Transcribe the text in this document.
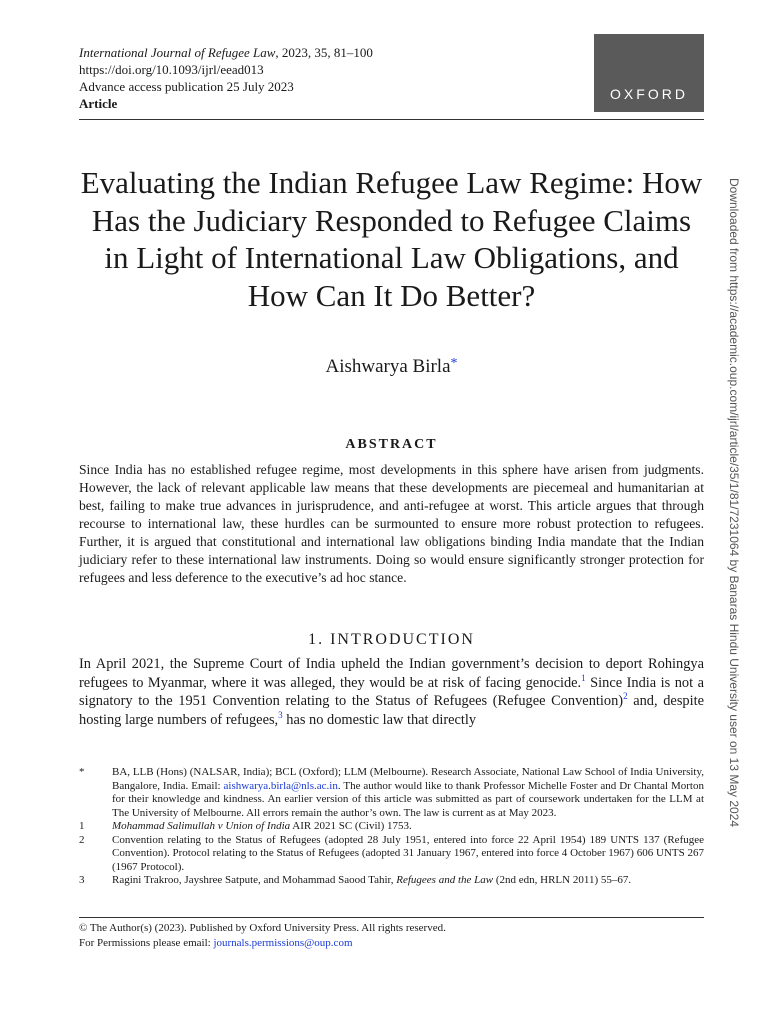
International Journal of Refugee Law, 2023, 35, 81–100
https://doi.org/10.1093/ijrl/eead013
Advance access publication 25 July 2023
Article
OXFORD
Evaluating the Indian Refugee Law Regime: How Has the Judiciary Responded to Refugee Claims in Light of International Law Obligations, and How Can It Do Better?
Aishwarya Birla*
ABSTRACT

Since India has no established refugee regime, most developments in this sphere have arisen from judgments. However, the lack of relevant applicable law means that these developments are piecemeal and humanitarian at best, failing to make true advances in jurisprudence, and anti-refugee at worst. This article argues that through recourse to international law, these hurdles can be surmounted to ensure more robust protection to refugees. Further, it is argued that constitutional and international law obligations binding India mandate that the Indian judiciary refer to these international law instruments. Doing so would ensure significantly stronger protection for refugees and less deference to the executive’s ad hoc stance.

1. INTRODUCTION

In April 2021, the Supreme Court of India upheld the Indian government’s decision to deport Rohingya refugees to Myanmar, where it was alleged, they would be at risk of facing genocide.$^1$ Since India is not a signatory to the 1951 Convention relating to the Status of Refugees (Refugee Convention)$^2$ and, despite hosting large numbers of refugees,$^3$ has no domestic law that directly

*	BA, LLB (Hons) (NALSAR, India); BCL (Oxford); LLM (Melbourne). Research Associate, National Law School of India University, Bangalore, India. Email: aishwarya.birla@nls.ac.in. The author would like to thank Professor Michelle Foster and Dr Chantal Morton for their knowledge and kindness. An earlier version of this article was submitted as part of coursework undertaken for the LLM at The University of Melbourne. All errors remain the author’s own. The law is current as at May 2023.
1	Mohammad Salimullah v Union of India AIR 2021 SC (Civil) 1753.
2	Convention relating to the Status of Refugees (adopted 28 July 1951, entered into force 22 April 1954) 189 UNTS 137 (Refugee Convention). Protocol relating to the Status of Refugees (adopted 31 January 1967, entered into force 4 October 1967) 606 UNTS 267 (1967 Protocol).
3	Ragini Trakroo, Jayshree Satpute, and Mohammad Saood Tahir, Refugees and the Law (2nd edn, HRLN 2011) 55–67.
© The Author(s) (2023). Published by Oxford University Press. All rights reserved.
For Permissions please email: journals.permissions@oup.com
Downloaded from https://academic.oup.com/ijrl/article/35/1/81/7231064 by Banaras Hindu University user on 13 May 2024
